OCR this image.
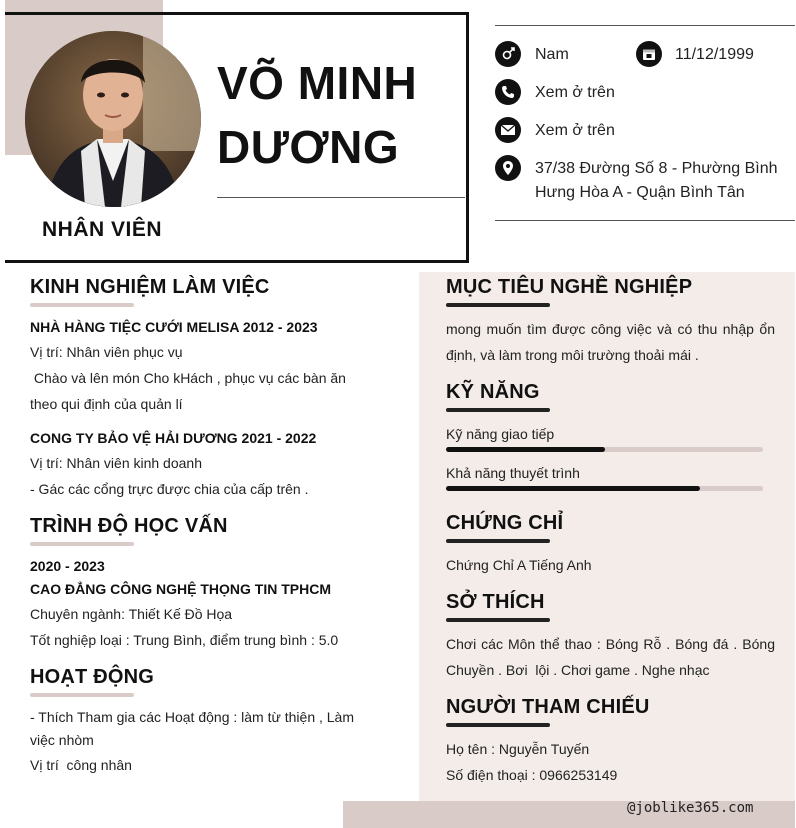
VÕ MINH
DƯƠNG
NHÂN VIÊN
Nam	11/12/1999
Xem ở trên
Xem ở trên
37/38 Đường Số 8 - Phường Bình
Hưng Hòa A - Quận Bình Tân
KINH NGHIỆM LÀM VIỆC
NHÀ HÀNG TIỆC CƯỚI MELISA 2012 - 2023
Vị trí: Nhân viên phục vụ
Chào và lên món Cho kHách , phục vụ các bàn ăn
theo qui định của quản lí
CONG TY BẢO VỆ HẢI DƯƠNG 2021 - 2022
Vị trí: Nhân viên kinh doanh
- Gác các cổng trực được chia của cấp trên .
TRÌNH ĐỘ HỌC VẤN
2020 - 2023
CAO ĐẲNG CÔNG NGHỆ THỌNG TIN TPHCM
Chuyên ngành: Thiết Kế Đồ Họa
Tốt nghiệp loại : Trung Bình, điểm trung bình : 5.0
HOẠT ĐỘNG
- Thích Tham gia các Hoạt động : làm từ thiện , Làm
việc nhòm
Vị trí  công nhân
MỤC TIÊU NGHỀ NGHIỆP
mong muốn tìm được công việc và có thu nhập ổn
định, và làm trong môi trường thoải mái .
KỸ NĂNG
Kỹ năng giao tiếp
Khả năng thuyết trình
CHỨNG CHỈ
Chứng Chỉ A Tiếng Anh
SỞ THÍCH
Chơi các Môn thể thao : Bóng Rỗ . Bóng đá . Bóng
Chuyền . Bơi  lội . Chơi game . Nghe nhạc
NGƯỜI THAM CHIẾU
Họ tên : Nguyễn Tuyến
Số điện thoại : 0966253149
@joblike365.com
